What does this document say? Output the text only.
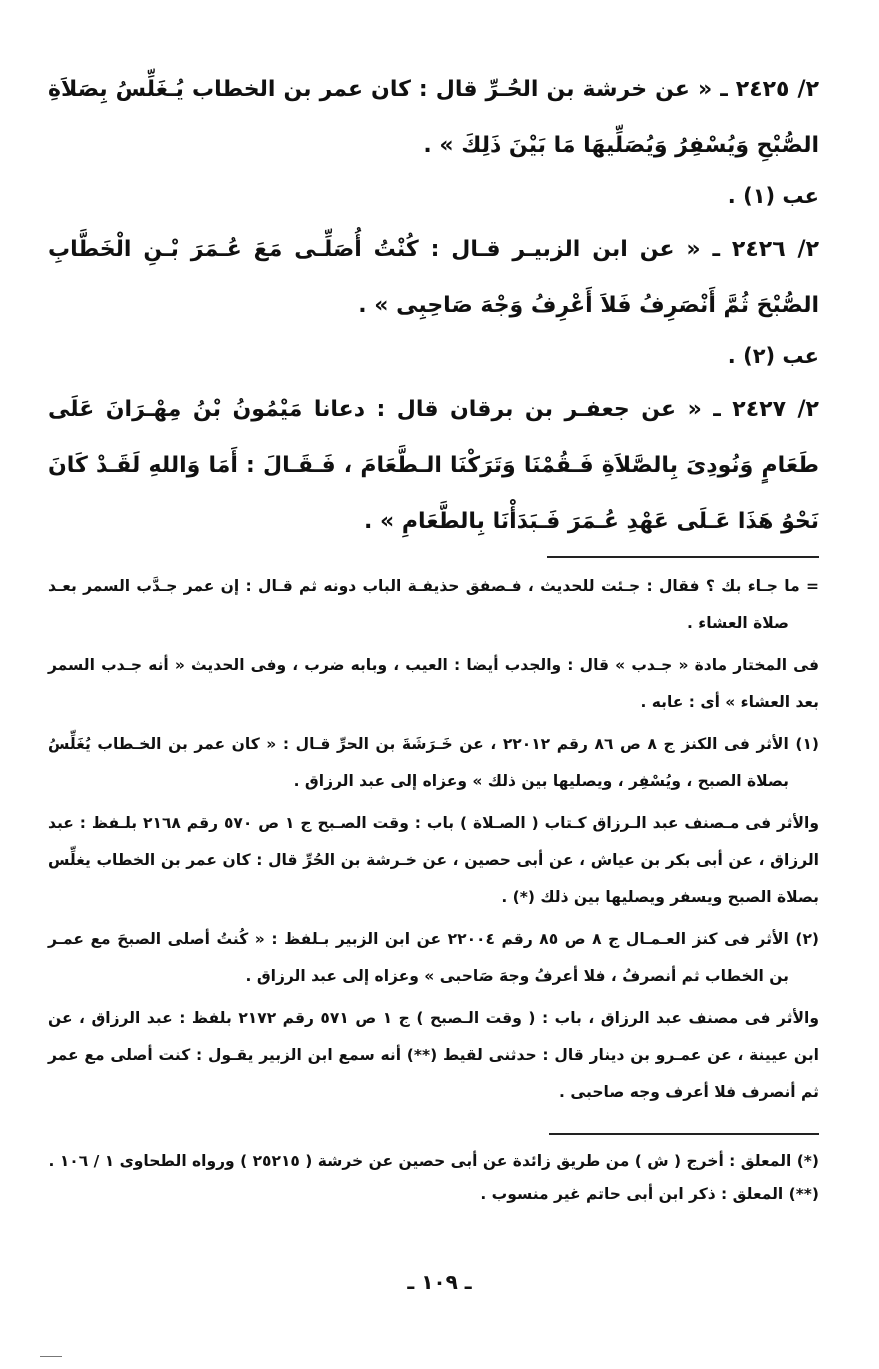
٢/ ٢٤٢٥ ـ « عن خرشة بن الحُـرِّ قال : كان عمر بن الخطاب يُـغَلِّسُ بِصَلاَةِ الصُّبْحِ وَيُسْفِرُ وَيُصَلِّيهَا مَا بَيْنَ ذَلِكَ » .

عب (١) .

٢/ ٢٤٢٦ ـ « عن ابن الزبيـر قـال : كُنْتُ أُصَلِّـى مَعَ عُـمَرَ بْـنِ الْخَطَّابِ الصُّبْحَ ثُمَّ أَنْصَرِفُ فَلاَ أَعْرِفُ وَجْهَ صَاحِبِى » .

عب (٢) .

٢/ ٢٤٢٧ ـ « عن جعفـر بن برقان قال : دعانا مَيْمُونُ بْنُ مِهْـرَانَ عَلَى طَعَامٍ وَنُودِىَ بِالصَّلاَةِ فَـقُمْنَا وَتَرَكْنَا الـطَّعَامَ ، فَـقَـالَ : أَمَا وَاللهِ لَقَـدْ كَانَ نَحْوُ هَذَا عَـلَى عَهْدِ عُـمَرَ فَـبَدَأْنَا بِالطَّعَامِ » .

= ما جـاء بك ؟ فقال : جـئت للحديث ، فـصفق حذيفـة الباب دونه ثم قـال : إن عمر جـدَّب السمر بعـد صلاة العشاء .

فى المختار مادة « جـدب » قال : والجدب أيضا : العيب ، وبابه ضرب ، وفى الحديث « أنه جـدب السمر بعد العشاء » أى : عابه .

(١) الأثر فى الكنز ج ٨ ص ٨٦ رقم ٢٢٠١٢ ، عن خَـرَشَةَ بن الحرِّ قـال : « كان عمر بن الخـطاب يُغَلِّسُ بصلاة الصبح ، ويُسْفِر ، ويصليها بين ذلك » وعزاه إلى عبد الرزاق .

والأثر فى مـصنف عبد الـرزاق كـتاب ( الصـلاة ) باب : وقت الصـبح ج ١ ص ٥٧٠ رقم ٢١٦٨ بلـفظ : عبد الرزاق ، عن أبى بكر بن عياش ، عن أبى حصين ، عن خـرشة بن الحُرِّ قال : كان عمر بن الخطاب يغلِّس بصلاة الصبح ويسفر ويصليها بين ذلك (*) .

(٢) الأثر فى كنز العـمـال ج ٨ ص ٨٥ رقم ٢٢٠٠٤ عن ابن الزبير بـلفظ : « كُنتُ أصلى الصبحَ مع عمـر بن الخطاب ثم أنصرفُ ، فلا أعرفُ وجهَ صَاحبى » وعزاه إلى عبد الرزاق .

والأثر فى مصنف عبد الرزاق ، باب : ( وقت الـصبح ) ج ١ ص ٥٧١ رقم ٢١٧٢ بلفظ : عبد الرزاق ، عن ابن عيينة ، عن عمـرو بن دينار قال : حدثنى لقيط (**) أنه سمع ابن الزبير يقـول : كنت أصلى مع عمر ثم أنصرف فلا أعرف وجه صاحبى .

(*) المعلق : أخرج ( ش ) من طريق زائدة عن أبى حصين عن خرشة ( ٢٥٢١٥ ) ورواه الطحاوى ١ / ١٠٦ .

(**) المعلق : ذكر ابن أبى حاتم غير منسوب .

ـ ١٠٩ ـ
